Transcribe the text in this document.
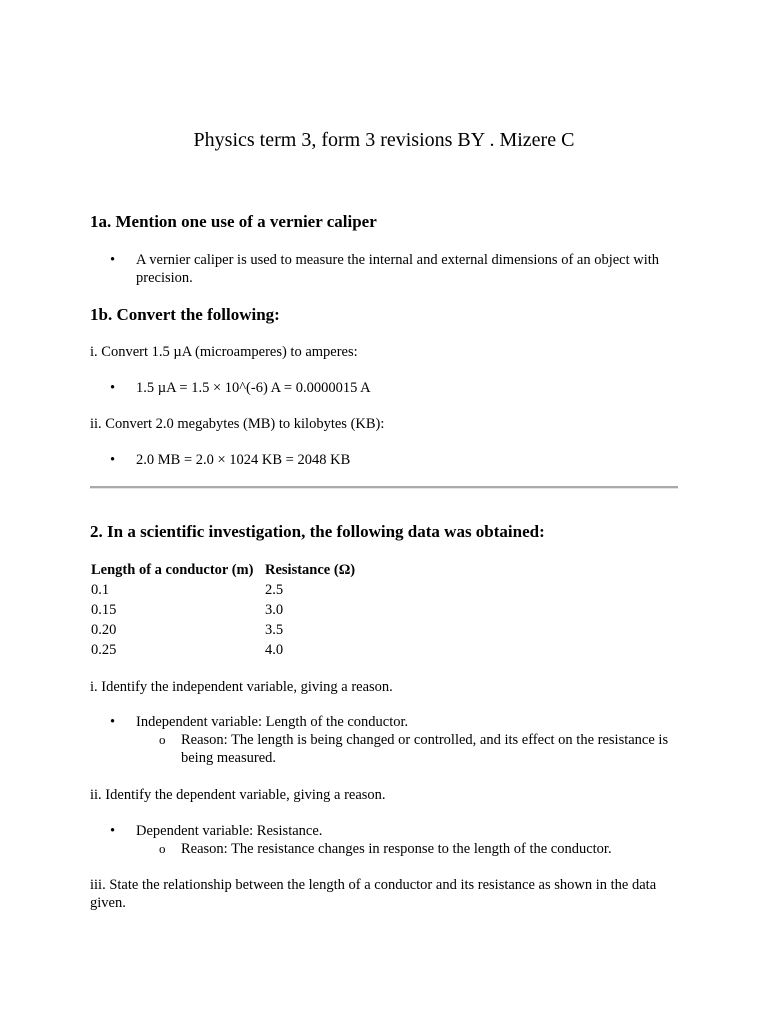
Physics term 3, form 3 revisions BY . Mizere C
1a. Mention one use of a vernier caliper
• A vernier caliper is used to measure the internal and external dimensions of an object with precision.
1b. Convert the following:

i. Convert 1.5 µA (microamperes) to amperes:

• 1.5 µA = 1.5 × 10^(-6) A = 0.0000015 A

ii. Convert 2.0 megabytes (MB) to kilobytes (KB):

• 2.0 MB = 2.0 × 1024 KB = 2048 KB
2. In a scientific investigation, the following data was obtained:
Length of a conductor (m)	Resistance (Ω)
0.1	2.5
0.15	3.0
0.20	3.5
0.25	4.0

i. Identify the independent variable, giving a reason.

• Independent variable: Length of the conductor.
o Reason: The length is being changed or controlled, and its effect on the resistance is being measured.

ii. Identify the dependent variable, giving a reason.

• Dependent variable: Resistance.
o Reason: The resistance changes in response to the length of the conductor.

iii. State the relationship between the length of a conductor and its resistance as shown in the data given.
